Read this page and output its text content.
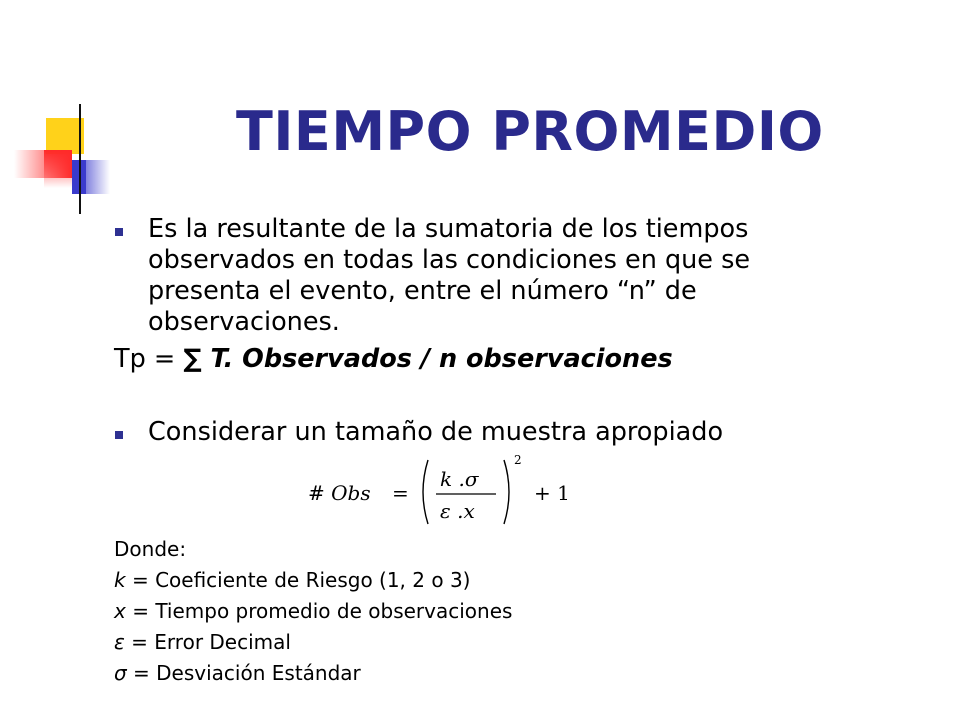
TIEMPO PROMEDIO
Es la resultante de la sumatoria de los tiempos
observados en todas las condiciones en que se
presenta el evento, entre el número “n” de
observaciones.
Tp = ∑ T. Observados / n observaciones
Considerar un tamaño de muestra apropiado
# Obs =
k .σ
ε .x
2
+ 1
Donde:
k = Coeficiente de Riesgo (1, 2 o 3)
x = Tiempo promedio de observaciones
ε = Error Decimal
σ = Desviación Estándar
